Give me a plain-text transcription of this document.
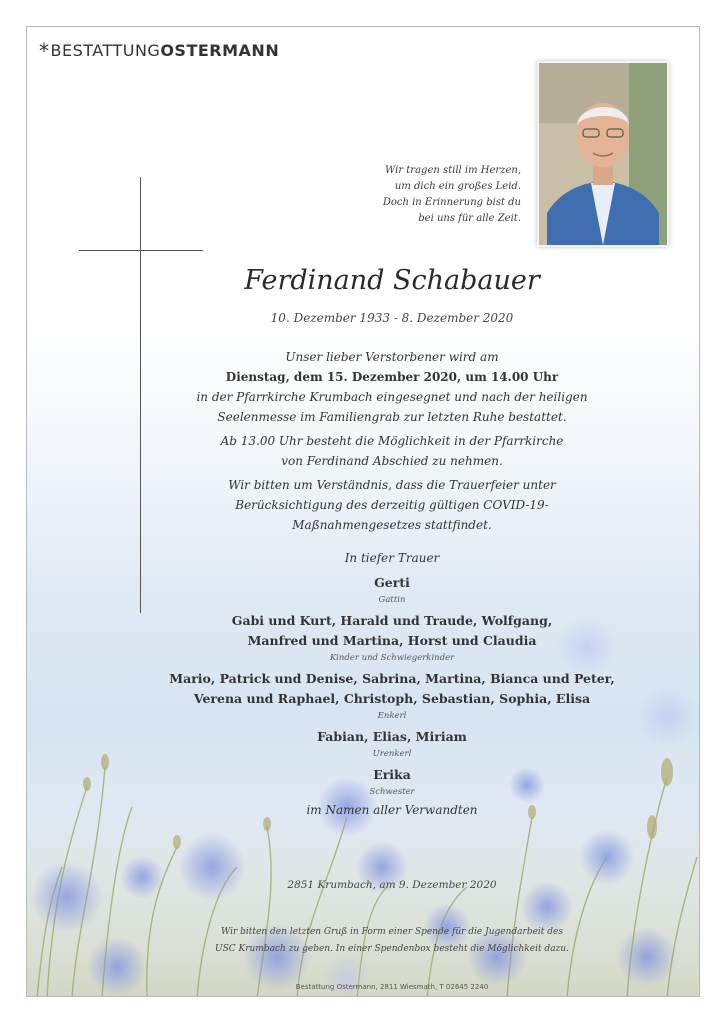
*BESTATTUNGOSTERMANN
Wir tragen still im Herzen,
um dich ein großes Leid.
Doch in Erinnerung bist du
bei uns für alle Zeit.
Ferdinand Schabauer
10. Dezember 1933 - 8. Dezember 2020
Unser lieber Verstorbener wird am
Dienstag, dem 15. Dezember 2020, um 14.00 Uhr
in der Pfarrkirche Krumbach eingesegnet und nach der heiligen
Seelenmesse im Familiengrab zur letzten Ruhe bestattet.
Ab 13.00 Uhr besteht die Möglichkeit in der Pfarrkirche
von Ferdinand Abschied zu nehmen.
Wir bitten um Verständnis, dass die Trauerfeier unter
Berücksichtigung des derzeitig gültigen COVID-19-
Maßnahmengesetzes stattfindet.
In tiefer Trauer
Gerti
Gattin
Gabi und Kurt, Harald und Traude, Wolfgang,
Manfred und Martina, Horst und Claudia
Kinder und Schwiegerkinder
Mario, Patrick und Denise, Sabrina, Martina, Bianca und Peter,
Verena und Raphael, Christoph, Sebastian, Sophia, Elisa
Enkerl
Fabian, Elias, Miriam
Urenkerl
Erika
Schwester
im Namen aller Verwandten
2851 Krumbach, am 9. Dezember 2020
Wir bitten den letzten Gruß in Form einer Spende für die Jugendarbeit des
USC Krumbach zu geben. In einer Spendenbox besteht die Möglichkeit dazu.
Bestattung Ostermann, 2811 Wiesmath, T 02645 2240
